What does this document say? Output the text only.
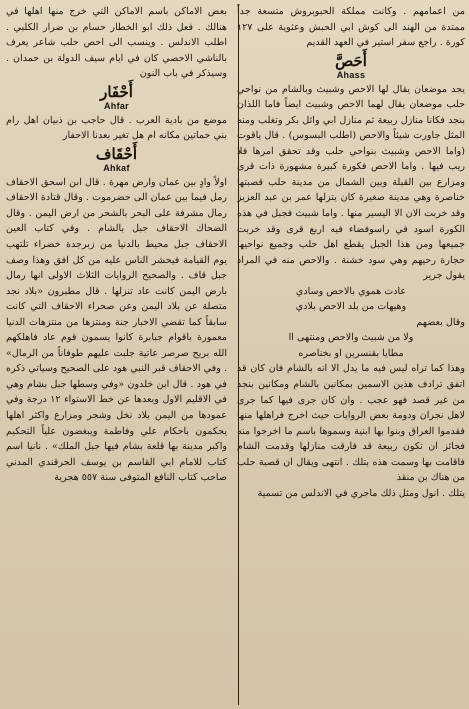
من اعمامهم . وكانت مملكة الحبوبروش متسعة جداً ممتدة من الهند الى كوش ابي الحبش وعثوية على ١٢٧ كورة . راجع سفر استير في العهد القديم

أَحَصَّ
Ahass

يجد موضعان يقال لها الاحص وشبيث وبالشام من نواحي حلب موضعان يقال لهما الاحص وشبيث ايضاً فاما اللذان بنجد فكانا منازل ربيعة ثم منازل ابي وائل بكر وتغلب ومنه المثل جاورت شيئاً والاحص (اطلب البسوس) . قال ياقوت (واما الاحص وشبيث بنواحي حلب وقد تحقق امرها فلا ريب فيها . واما الاحص فكورة كبيرة مشهورة ذات قرى ومزارع بين القبلة وبين الشمال من مدينة حلب قصبتها خناصرة وهي مدينة صغيرة كان يتزلها عمر بن عبد العزيز وقد خربت الان الا اليسير منها . واما شبيث فجبل في هذه الكورة اسود في راسوفضاء فيه اربع قرى وقد خربت جميعها ومن هذا الجبل يقطع اهل حلب وجميع نواحيها حجارة رحيهم وهي سود خشنة . والاحص منه في المراد يقول جرير

عادت هموي بالاحص وسادي

وهيهات من بلد الاحص بلادي

وقال بعضهم

ولا من شبيث والاحص ومنتهى اا

مطايا بقنسرين او بخناصره

وهذا كما تراه ليس فيه ما يدل الا انه بالشام فان كان قد اتفق ترادف هذين الاسمين بمكانين بالشام ومكانين بنجد من غير قصد فهو عجب . وان كان جرى فيها كما جرى لاهل نجران ودومة بعض الروايات حيث اخرج فراهلها منها فقدموا العراق وبنوا بها ابنية وسموها باسم ما اخرجوا منه فجائز ان تكون ربيعة قد فارقت منازلها وقدمت الشام فاقامت بها وسمت هذه بتلك . انتهى ويقال ان قصبة حلب من هناك بن منقذ

يتلك . انول ومثل ذلك ماجري في الاندلس من تسمية

بعض الاماكن باسم الاماكن التي خرج منها اهلها في هنالك . فعل ذلك ابو الخطار حسام بن ضرار الكلبي . اطلب الاندلس . وينسب الى احص حلب شاعر يعرف بالناشي الاحصي كان في ايام سيف الدولة بن حمدان . وسيذكر في باب النون

أَحْفَار
Ahfar

موضع من بادية العرب . قال حاجب بن ذبيان اهل رام بني حماتين مكانه ام هل تغير بعدنا الاحفار

أَحْقَاف
Ahkaf

اولاً وادٍ بين عمان وارض مهرة . قال ابن اسحق الاحقاف رمل فيما بين عمان الى حضرموت . وقال قتادة الاحقاف رمال مشرفة على البحر بالشحر من ارض اليمن . وقال الضحاك الاحقاف جبل بالشام . وفي كتاب العين الاحقاف جبل محيط بالدنيا من زبرجدة خضراء تلتهب يوم القيامة فيحشر الناس عليه من كل افق وهذا وصف جبل قاف . والصحيح الروايات الثلاث الاولى انها رمال بارض اليمن كانت عاد تنزلها . قال مطبرون «بلاد نجد متصلة عن بلاد اليمن وعن صحراء الاحقاف التي كانت سابقاً كما تقضي الاخبار جنة ومنتزها من منتزهات الدنيا معمورة باقوام جبابرة كانوا يسمون قوم عاد فاهلكهم الله بريح صرصر عاتية جلبت عليهم طوفاناً من الرمال» . وفي الاحقاف قبر النبي هود على الصحيح وسياتي ذكره في هود . قال ابن خلدون «وفي وسطها جبل بشام وهي في الاقليم الاول وبعدها عن خط الاستواء ١٢ درجة وفي عمودها من اليمن بلاد نخل وشجر ومزارع واكثر اهلها يحكمون باحكام علي وفاطمة ويبغضون علياً التحكيم واكبر مدينة بها قلعة بشام فيها جبل الملك» . نانيا اسم كتاب للامام ابي القاسم بن يوسف الحرقندي المدني صاحب كتاب النافع المتوفى سنة ٥٥٧ هجرية
